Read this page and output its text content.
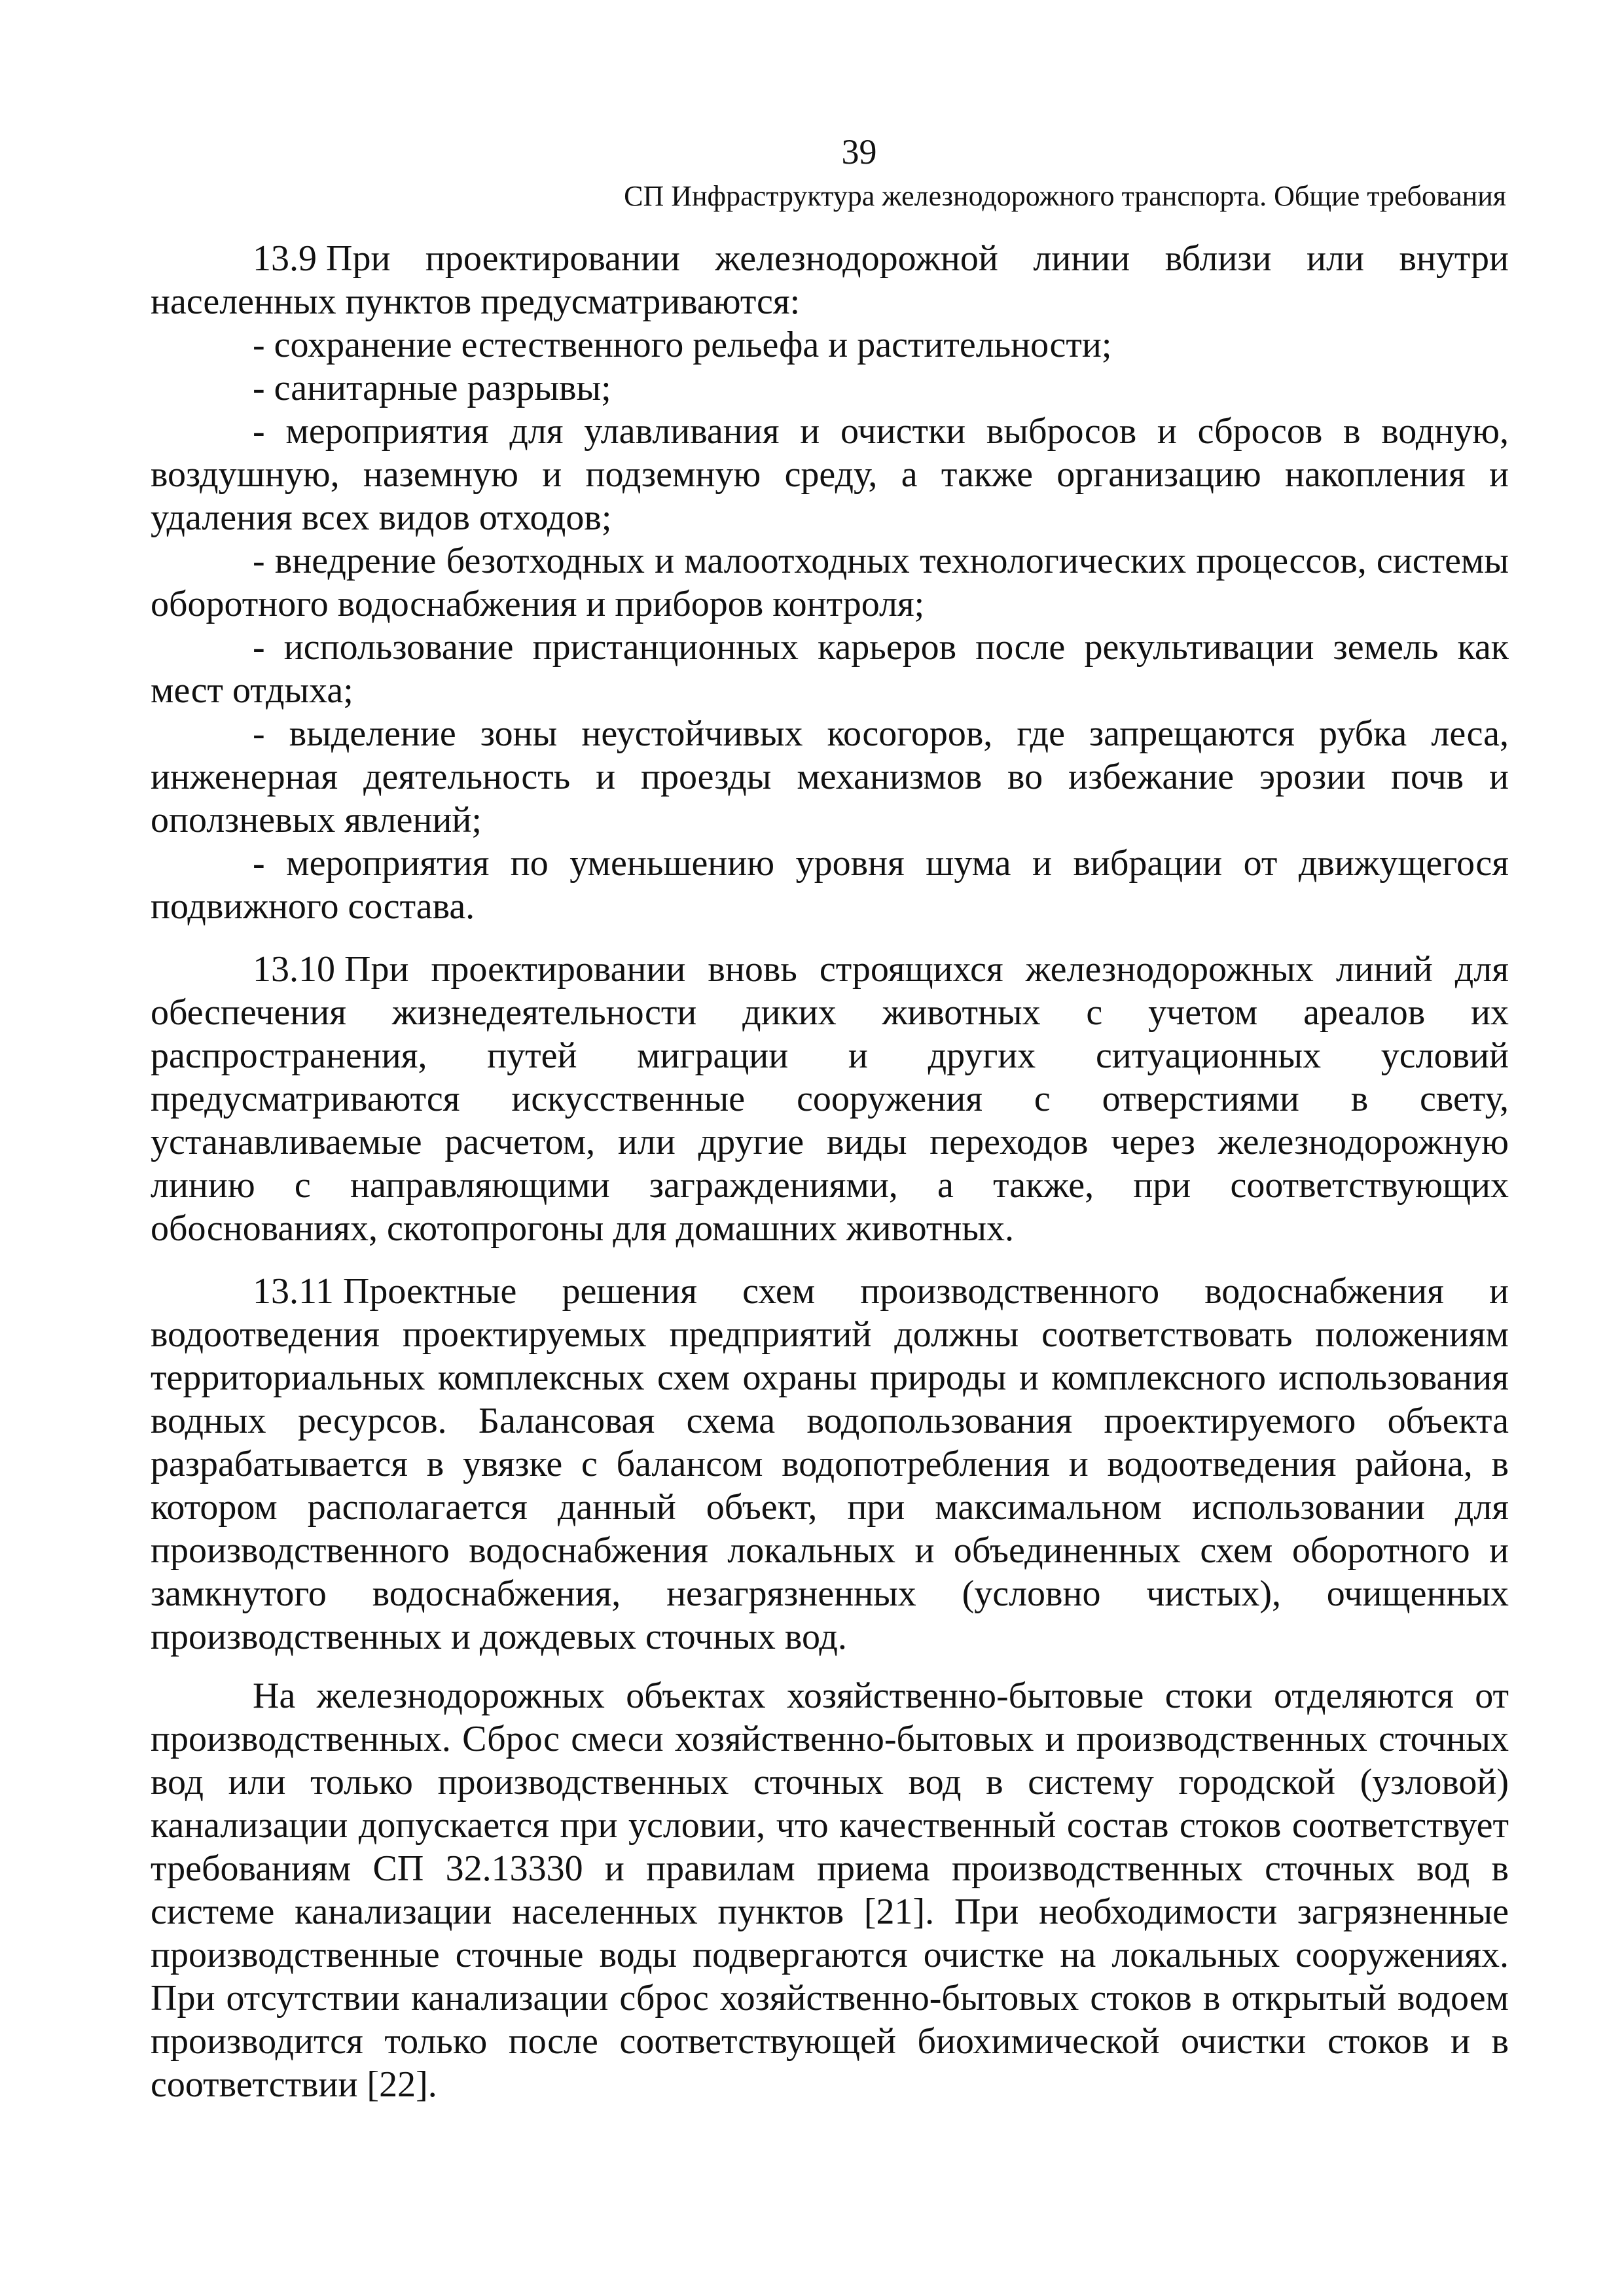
39
СП Инфраструктура железнодорожного транспорта. Общие требования

13.9 При проектировании железнодорожной линии вблизи или внутри населенных пунктов предусматриваются:

- сохранение естественного рельефа и растительности;

- санитарные разрывы;

- мероприятия для улавливания и очистки выбросов и сбросов в водную, воздушную, наземную и подземную среду, а также организацию накопления и удаления всех видов отходов;

- внедрение безотходных и малоотходных технологических процессов, системы оборотного водоснабжения и приборов контроля;

- использование пристанционных карьеров после рекультивации земель как мест отдыха;

- выделение зоны неустойчивых косогоров, где запрещаются рубка леса, инженерная деятельность и проезды механизмов во избежание эрозии почв и оползневых явлений;

- мероприятия по уменьшению уровня шума и вибрации от движущегося подвижного состава.

13.10 При проектировании вновь строящихся железнодорожных линий для обеспечения жизнедеятельности диких животных с учетом ареалов их распространения, путей миграции и других ситуационных условий предусматриваются искусственные сооружения с отверстиями в свету, устанавливаемые расчетом, или другие виды переходов через железнодорожную линию с направляющими заграждениями, а также, при соответствующих обоснованиях, скотопрогоны для домашних животных.

13.11 Проектные решения схем производственного водоснабжения и водоотведения проектируемых предприятий должны соответствовать положениям территориальных комплексных схем охраны природы и комплексного использования водных ресурсов. Балансовая схема водопользования проектируемого объекта разрабатывается в увязке с балансом водопотребления и водоотведения района, в котором располагается данный объект, при максимальном использовании для производственного водоснабжения локальных и объединенных схем оборотного и замкнутого водоснабжения, незагрязненных (условно чистых), очищенных производственных и дождевых сточных вод.

На железнодорожных объектах хозяйственно-бытовые стоки отделяются от производственных. Сброс смеси хозяйственно-бытовых и производственных сточных вод или только производственных сточных вод в систему городской (узловой) канализации допускается при условии, что качественный состав стоков соответствует требованиям СП 32.13330 и правилам приема производственных сточных вод в системе канализации населенных пунктов [21]. При необходимости загрязненные производственные сточные воды подвергаются очистке на локальных сооружениях. При отсутствии канализации сброс хозяйственно-бытовых стоков в открытый водоем производится только после соответствующей биохимической очистки стоков и в соответствии [22].
